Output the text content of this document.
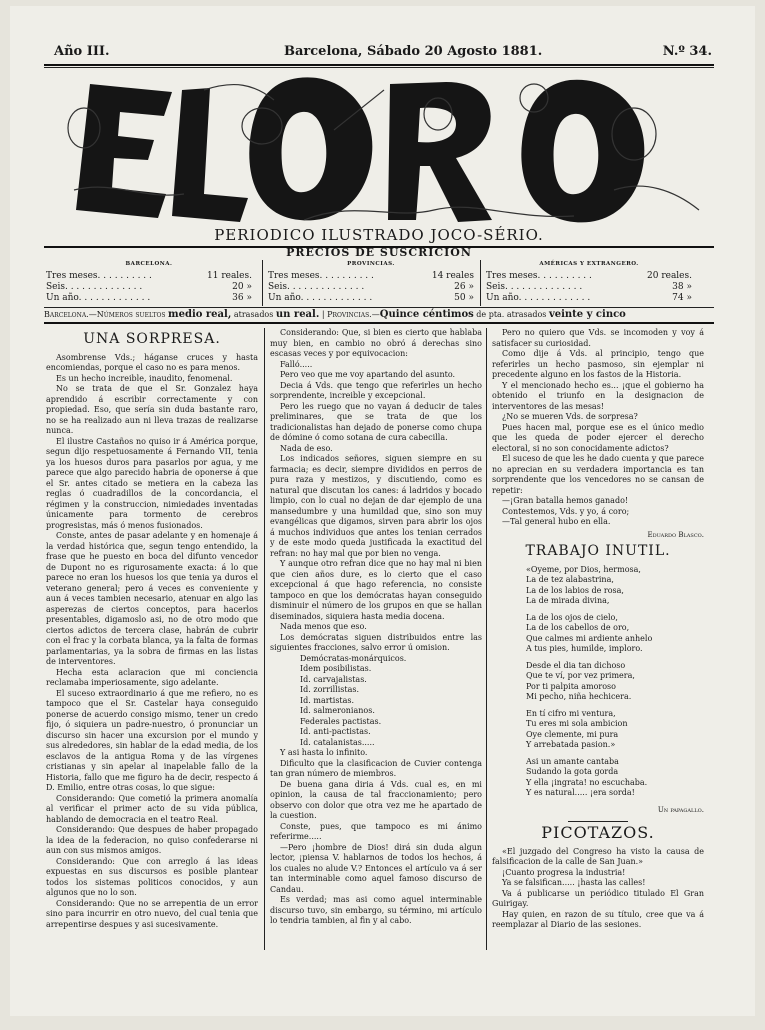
Año III.	Barcelona, Sábado 20 Agosto 1881.	N.º 34.
PERIODICO ILUSTRADO JOCO-SÉRIO.
PRECIOS DE SUSCRICION
BARCELONA.
Tres meses. . . . . . . . . .	11 reales.
Seis. . . . . . . . . . . . . .	20 »
Un año. . . . . . . . . . . . .	36 »
PROVINCIAS.
Tres meses. . . . . . . . . .	14 reales
Seis. . . . . . . . . . . . . .	26 »
Un año. . . . . . . . . . . . .	50 »
AMÉRICAS Y EXTRANGERO.
Tres meses. . . . . . . . . .	20 reales.
Seis. . . . . . . . . . . . . .	38 »
Un año. . . . . . . . . . . . .	74 »
Barcelona.—Números sueltos medio real, atrasados un real. | Provincias.—Quince céntimos de pta. atrasados veinte y cinco
UNA SORPRESA.

Asombrense Vds.; háganse cruces y hasta encomiendas, porque el caso no es para menos.

Es un hecho increible, inaudito, fenomenal.

No se trata de que el Sr. Gonzalez haya aprendido á escribir correctamente y con propiedad. Eso, que sería sin duda bastante raro, no se ha realizado aun ni lleva trazas de realizarse nunca.

El ilustre Castaños no quiso ir á América porque, segun dijo respetuosamente á Fernando VII, tenia ya los huesos duros para pasarlos por agua, y me parece que algo parecido habria de oponerse á que el Sr. antes citado se metiera en la cabeza las reglas ó cuadradillos de la concordancia, el régimen y la construccion, nimiedades inventadas únicamente para tormento de cerebros progresistas, más ó menos fusionados.

Conste, antes de pasar adelante y en homenaje á la verdad histórica que, segun tengo entendido, la frase que he puesto en boca del difunto vencedor de Dupont no es rigurosamente exacta: á lo que parece no eran los huesos los que tenia ya duros el veterano general; pero á veces es conveniente y aun á veces tambien necesario, atenuar en algo las asperezas de ciertos conceptos, para hacerlos presentables, digamoslo asi, no de otro modo que ciertos adictos de tercera clase, habrán de cubrir con el frac y la corbata blanca, ya la falta de formas parlamentarias, ya la sobra de firmas en las listas de interventores.

Hecha esta aclaracion que mi conciencia reclamaba imperiosamente, sigo adelante.

El suceso extraordinario á que me refiero, no es tampoco que el Sr. Castelar haya conseguido ponerse de acuerdo consigo mismo, tener un credo fijo, ó siquiera un padre-nuestro, ó pronunciar un discurso sin hacer una excursion por el mundo y sus alrededores, sin hablar de la edad media, de los esclavos de la antigua Roma y de las vírgenes cristianas y sin apelar al inapelable fallo de la Historia, fallo que me figuro ha de decir, respecto á D. Emilio, entre otras cosas, lo que sigue:

Considerando: Que cometió la primera anomalía al verificar el primer acto de su vida pública, hablando de democracia en el teatro Real.

Considerando: Que despues de haber propagado la idea de la federacion, no quiso confederarse ni aun con sus mismos amigos.

Considerando: Que con arreglo á las ideas expuestas en sus discursos es posible plantear todos los sistemas politicos conocidos, y aun algunos que no lo son.

Considerando: Que no se arrepentia de un error sino para incurrir en otro nuevo, del cual tenia que arrepentirse despues y asi sucesivamente.

Considerando: Que, si bien es cierto que hablaba muy bien, en cambio no obró á derechas sino escasas veces y por equivocacion:

Falló.....

Pero veo que me voy apartando del asunto.

Decia á Vds. que tengo que referirles un hecho sorprendente, increible y excepcional.

Pero les ruego que no vayan á deducir de tales preliminares, que se trata de que los tradicionalistas han dejado de ponerse como chupa de dómine ó como sotana de cura cabecilla.

Nada de eso.

Los indicados señores, siguen siempre en su farmacia; es decir, siempre divididos en perros de pura raza y mestizos, y discutiendo, como es natural que discutan los canes: á ladridos y bocado limpio, con lo cual no dejan de dar ejemplo de una mansedumbre y una humildad que, sino son muy evangélicas que digamos, sirven para abrir los ojos á muchos individuos que antes los tenian cerrados y de este modo queda justificada la exactitud del refran: no hay mal que por bien no venga.

Y aunque otro refran dice que no hay mal ni bien que cien años dure, es lo cierto que el caso excepcional á que hago referencia, no consiste tampoco en que los demócratas hayan conseguido disminuir el número de los grupos en que se hallan diseminados, siquiera hasta media docena.

Nada menos que eso.

Los demócratas siguen distribuidos entre las siguientes fracciones, salvo error ú omision.

Demócratas-monárquicos.

Idem posibilistas.

Id. carvajalistas.

Id. zorrillistas.

Id. martistas.

Id. salmeronianos.

Federales pactistas.

Id. anti-pactistas.

Id. catalanistas.....

Y asi hasta lo infinito.

Dificulto que la clasificacion de Cuvier contenga tan gran número de miembros.

De buena gana diria á Vds. cual es, en mi opinion, la causa de tal fraccionamiento; pero observo con dolor que otra vez me he apartado de la cuestion.

Conste, pues, que tampoco es mi ánimo referirme.....

—Pero ¡hombre de Dios! dirá sin duda algun lector, ¡piensa V. hablarnos de todos los hechos, á los cuales no alude V.? Entonces el artículo va á ser tan interminable como aquel famoso discurso de Candau.

Es verdad; mas asi como aquel interminable discurso tuvo, sin embargo, su término, mi artículo lo tendria tambien, al fin y al cabo.

Pero no quiero que Vds. se incomoden y voy á satisfacer su curiosidad.

Como dije á Vds. al principio, tengo que referirles un hecho pasmoso, sin ejemplar ni precedente alguno en los fastos de la Historia.

Y el mencionado hecho es... ¡que el gobierno ha obtenido el triunfo en la designacion de interventores de las mesas!

¿No se mueren Vds. de sorpresa?

Pues hacen mal, porque ese es el único medio que les queda de poder ejercer el derecho electoral, si no son conocidamente adictos?

El suceso de que les he dado cuenta y que parece no aprecian en su verdadera importancia es tan sorprendente que los vencedores no se cansan de repetir:

—¡Gran batalla hemos ganado!

Contestemos, Vds. y yo, á coro;

—Tal general hubo en ella.

Eduardo Blasco.
TRABAJO INUTIL.

«Oyeme, por Dios, hermosa,

La de tez alabastrina,

La de los labios de rosa,

La de mirada divina,

La de los ojos de cielo,

La de los cabellos de oro,

Que calmes mi ardiente anhelo

A tus pies, humilde, imploro.

Desde el dia tan dichoso

Que te ví, por vez primera,

Por ti palpita amoroso

Mi pecho, niña hechicera.

En tí cifro mi ventura,

Tu eres mi sola ambicion

Oye clemente, mi pura

Y arrebatada pasion.»

Asi un amante cantaba

Sudando la gota gorda

Y ella ¡ingrata! no escuchaba.

Y es natural..... ¡era sorda!

Un papagallo.
PICOTAZOS.

«El juzgado del Congreso ha visto la causa de falsificacion de la calle de San Juan.»

¡Cuanto progresa la industria!

Ya se falsifican..... ¡hasta las calles!

Va á publicarse un periódico titulado El Gran Guirigay.

Hay quien, en razon de su título, cree que va á reemplazar al Diario de las sesiones.
